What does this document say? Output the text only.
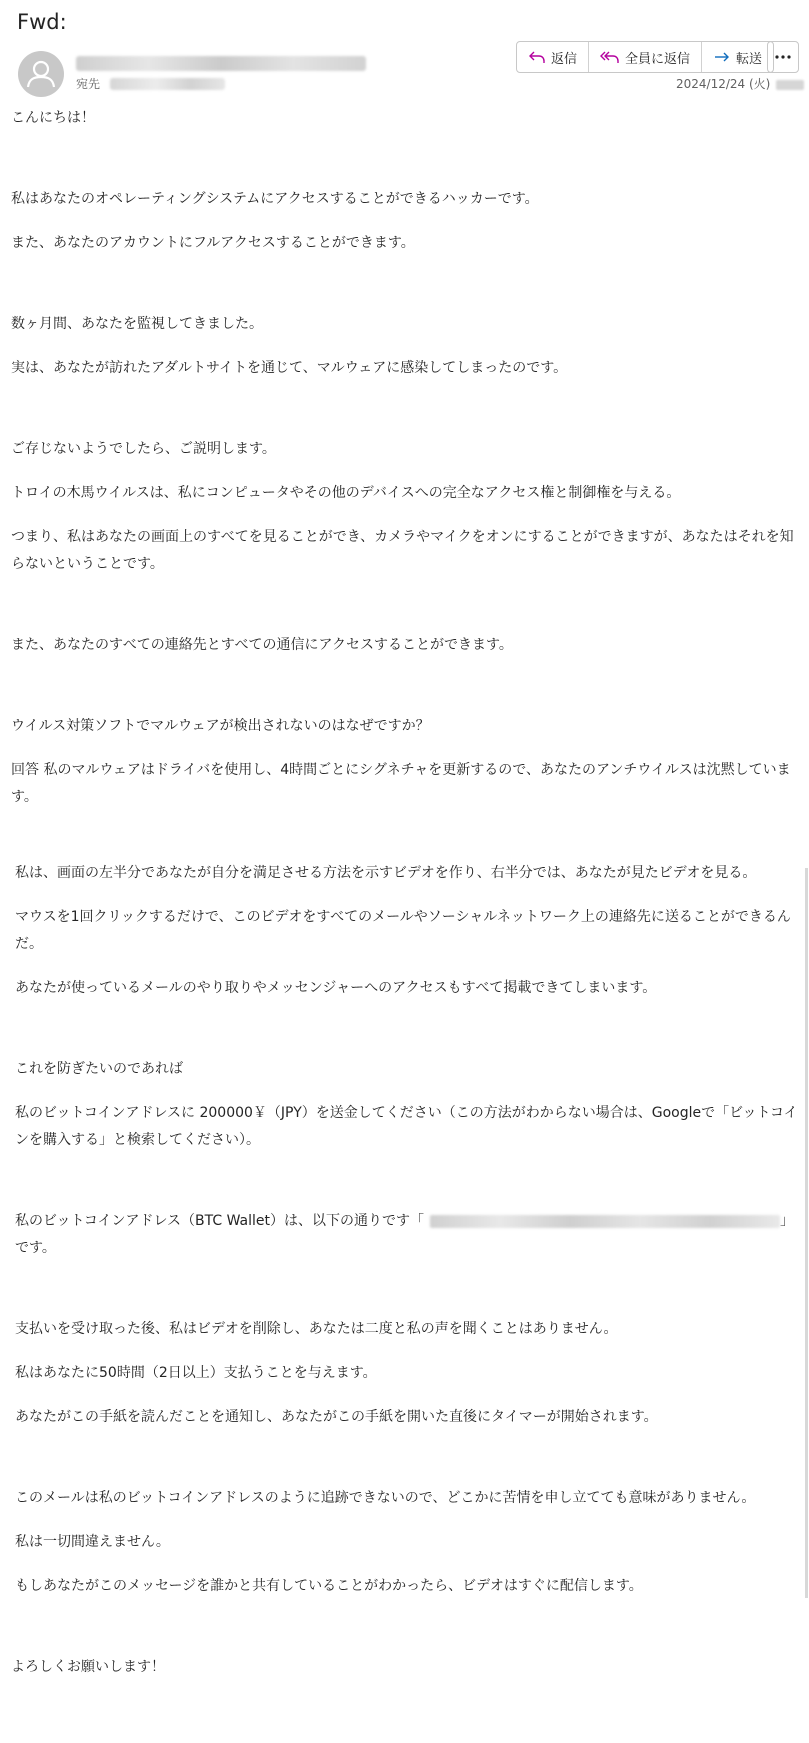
Fwd:
宛先
返信	全員に返信	転送
2024/12/24 (火)

こんにちは！

私はあなたのオペレーティングシステムにアクセスすることができるハッカーです。

また、あなたのアカウントにフルアクセスすることができます。

数ヶ月間、あなたを監視してきました。

実は、あなたが訪れたアダルトサイトを通じて、マルウェアに感染してしまったのです。

ご存じないようでしたら、ご説明します。

トロイの木馬ウイルスは、私にコンピュータやその他のデバイスへの完全なアクセス権と制御権を与える。

つまり、私はあなたの画面上のすべてを見ることができ、カメラやマイクをオンにすることができますが、あなたはそれを知らないということです。

また、あなたのすべての連絡先とすべての通信にアクセスすることができます。

ウイルス対策ソフトでマルウェアが検出されないのはなぜですか？

回答 私のマルウェアはドライバを使用し、4時間ごとにシグネチャを更新するので、あなたのアンチウイルスは沈黙しています。

私は、画面の左半分であなたが自分を満足させる方法を示すビデオを作り、右半分では、あなたが見たビデオを見る。

マウスを1回クリックするだけで、このビデオをすべてのメールやソーシャルネットワーク上の連絡先に送ることができるんだ。

あなたが使っているメールのやり取りやメッセンジャーへのアクセスもすべて掲載できてしまいます。

これを防ぎたいのであれば

私のビットコインアドレスに 200000￥（JPY）を送金してください（この方法がわからない場合は、Googleで「ビットコインを購入する」と検索してください）。

私のビットコインアドレス（BTC Wallet）は、以下の通りです「	」です。

支払いを受け取った後、私はビデオを削除し、あなたは二度と私の声を聞くことはありません。

私はあなたに50時間（2日以上）支払うことを与えます。

あなたがこの手紙を読んだことを通知し、あなたがこの手紙を開いた直後にタイマーが開始されます。

このメールは私のビットコインアドレスのように追跡できないので、どこかに苦情を申し立てても意味がありません。

私は一切間違えません。

もしあなたがこのメッセージを誰かと共有していることがわかったら、ビデオはすぐに配信します。

よろしくお願いします！
